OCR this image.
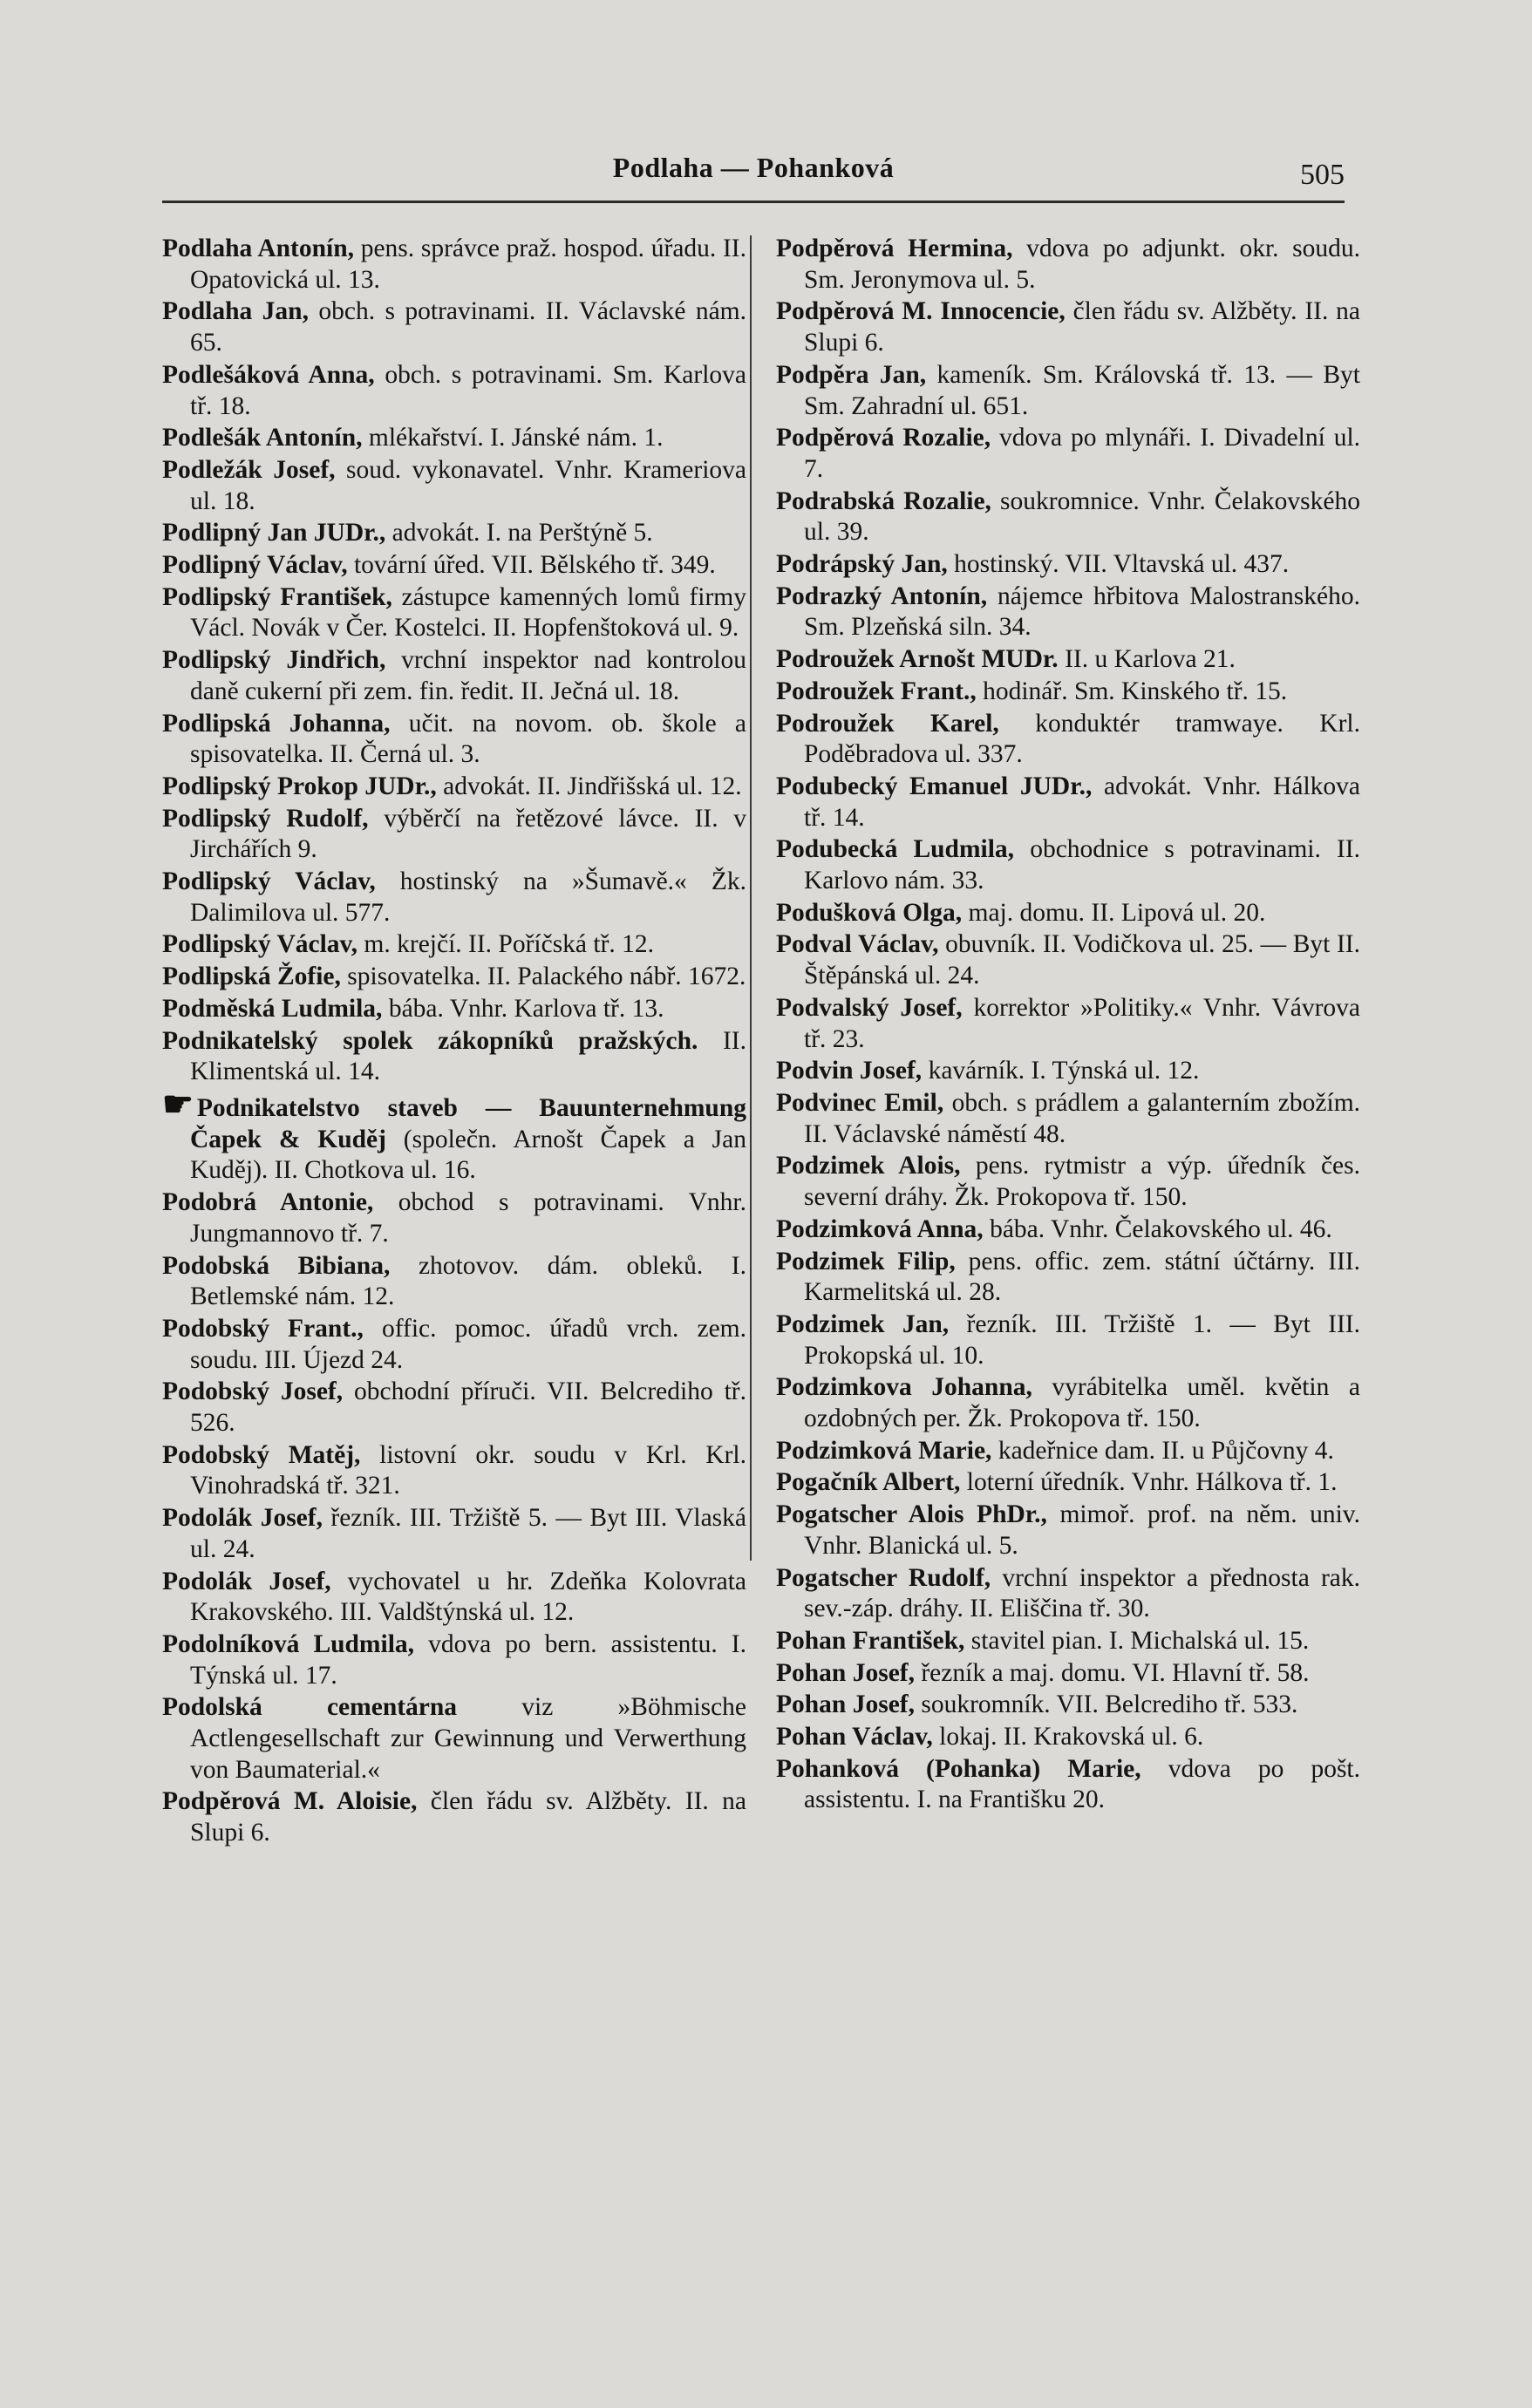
Podlaha — Pohanková	505

Podlaha Antonín, pens. správce praž. hospod. úřadu. II. Opatovická ul. 13.

Podlaha Jan, obch. s potravinami. II. Václavské nám. 65.

Podlešáková Anna, obch. s potravinami. Sm. Karlova tř. 18.

Podlešák Antonín, mlékařství. I. Jánské nám. 1.

Podležák Josef, soud. vykonavatel. Vnhr. Krameriova ul. 18.

Podlipný Jan JUDr., advokát. I. na Perštýně 5.

Podlipný Václav, tovární úřed. VII. Bělského tř. 349.

Podlipský František, zástupce kamenných lomů firmy Václ. Novák v Čer. Kostelci. II. Hopfenštoková ul. 9.

Podlipský Jindřich, vrchní inspektor nad kontrolou daně cukerní při zem. fin. ředit. II. Ječná ul. 18.

Podlipská Johanna, učit. na novom. ob. škole a spisovatelka. II. Černá ul. 3.

Podlipský Prokop JUDr., advokát. II. Jindřišská ul. 12.

Podlipský Rudolf, výběrčí na řetězové lávce. II. v Jirchářích 9.

Podlipský Václav, hostinský na »Šumavě.« Žk. Dalimilova ul. 577.

Podlipský Václav, m. krejčí. II. Poříčská tř. 12.

Podlipská Žofie, spisovatelka. II. Palackého nábř. 1672.

Podměská Ludmila, bába. Vnhr. Karlova tř. 13.

Podnikatelský spolek zákopníků pražských. II. Klimentská ul. 14.

☛ Podnikatelstvo staveb — Bauunternehmung Čapek & Kuděj (společn. Arnošt Čapek a Jan Kuděj). II. Chotkova ul. 16.

Podobrá Antonie, obchod s potravinami. Vnhr. Jungmannovo tř. 7.

Podobská Bibiana, zhotovov. dám. obleků. I. Betlemské nám. 12.

Podobský Frant., offic. pomoc. úřadů vrch. zem. soudu. III. Újezd 24.

Podobský Josef, obchodní příruči. VII. Belcrediho tř. 526.

Podobský Matěj, listovní okr. soudu v Krl. Krl. Vinohradská tř. 321.

Podolák Josef, řezník. III. Tržiště 5. — Byt III. Vlaská ul. 24.

Podolák Josef, vychovatel u hr. Zdeňka Kolovrata Krakovského. III. Valdštýnská ul. 12.

Podolníková Ludmila, vdova po bern. assistentu. I. Týnská ul. 17.

Podolská cementárna	viz »Böhmische Actlengesellschaft zur Gewinnung und Verwerthung von Baumaterial.«

Podpěrová M. Aloisie, člen řádu sv. Alžběty. II. na Slupi 6.

Podpěrová Hermina, vdova po adjunkt. okr. soudu. Sm. Jeronymova ul. 5.

Podpěrová M. Innocencie, člen řádu sv. Alžběty. II. na Slupi 6.

Podpěra Jan, kameník. Sm. Královská tř. 13. — Byt Sm. Zahradní ul. 651.

Podpěrová Rozalie, vdova po mlynáři. I. Divadelní ul. 7.

Podrabská Rozalie, soukromnice. Vnhr. Čelakovského ul. 39.

Podrápský Jan, hostinský. VII. Vltavská ul. 437.

Podrazký Antonín, nájemce hřbitova Malostranského. Sm. Plzeňská siln. 34.

Podroužek Arnošt MUDr. II. u Karlova 21.

Podroužek Frant., hodinář. Sm. Kinského tř. 15.

Podroužek Karel, konduktér tramwaye. Krl. Poděbradova ul. 337.

Podubecký Emanuel JUDr., advokát. Vnhr. Hálkova tř. 14.

Podubecká Ludmila, obchodnice s potravinami. II. Karlovo nám. 33.

Podušková Olga, maj. domu. II. Lipová ul. 20.

Podval Václav, obuvník. II. Vodičkova ul. 25. — Byt II. Štěpánská ul. 24.

Podvalský Josef, korrektor »Politiky.« Vnhr. Vávrova tř. 23.

Podvin Josef, kavárník. I. Týnská ul. 12.

Podvinec Emil, obch. s prádlem a galanterním zbožím. II. Václavské náměstí 48.

Podzimek Alois, pens. rytmistr a výp. úředník čes. severní dráhy. Žk. Prokopova tř. 150.

Podzimková Anna, bába. Vnhr. Čelakovského ul. 46.

Podzimek Filip, pens. offic. zem. státní účtárny. III. Karmelitská ul. 28.

Podzimek Jan, řezník. III. Tržiště 1. — Byt III. Prokopská ul. 10.

Podzimkova Johanna, vyrábitelka uměl. květin a ozdobných per. Žk. Prokopova tř. 150.

Podzimková Marie, kadeřnice dam. II. u Půjčovny 4.

Pogačník Albert, loterní úředník. Vnhr. Hálkova tř. 1.

Pogatscher Alois PhDr., mimoř. prof. na něm. univ. Vnhr. Blanická ul. 5.

Pogatscher Rudolf, vrchní inspektor a přednosta rak. sev.-záp. dráhy. II. Eliščina tř. 30.

Pohan František, stavitel pian. I. Michalská ul. 15.

Pohan Josef, řezník a maj. domu. VI. Hlavní tř. 58.

Pohan Josef, soukromník. VII. Belcrediho tř. 533.

Pohan Václav, lokaj. II. Krakovská ul. 6.

Pohanková (Pohanka) Marie, vdova po pošt. assistentu. I. na Františku 20.
